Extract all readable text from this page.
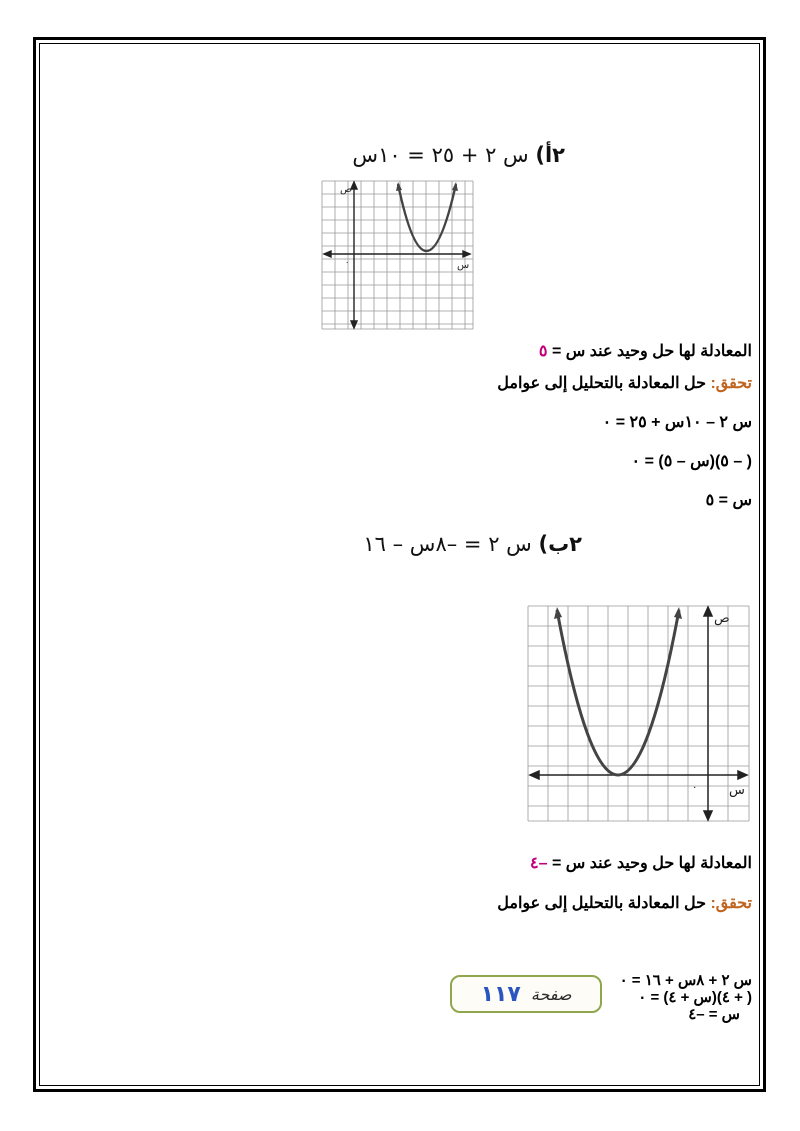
٢أ) س ٢ + ٢٥ = ١٠س
ص
س
٠
المعادلة لها حل وحيد عند س = ٥
تحقق: حل المعادلة بالتحليل إلى عوامل
س ٢ – ١٠س + ٢٥ = ٠
( – ٥)(س – ٥) = ٠
س = ٥
٢ب) س ٢ = –٨س – ١٦
ص
س
٠
المعادلة لها حل وحيد عند س = –٤
تحقق: حل المعادلة بالتحليل إلى عوامل
س ٢ + ٨س + ١٦ = ٠
( + ٤)(س + ٤) = ٠
س = –٤
صفحة
١١٧
